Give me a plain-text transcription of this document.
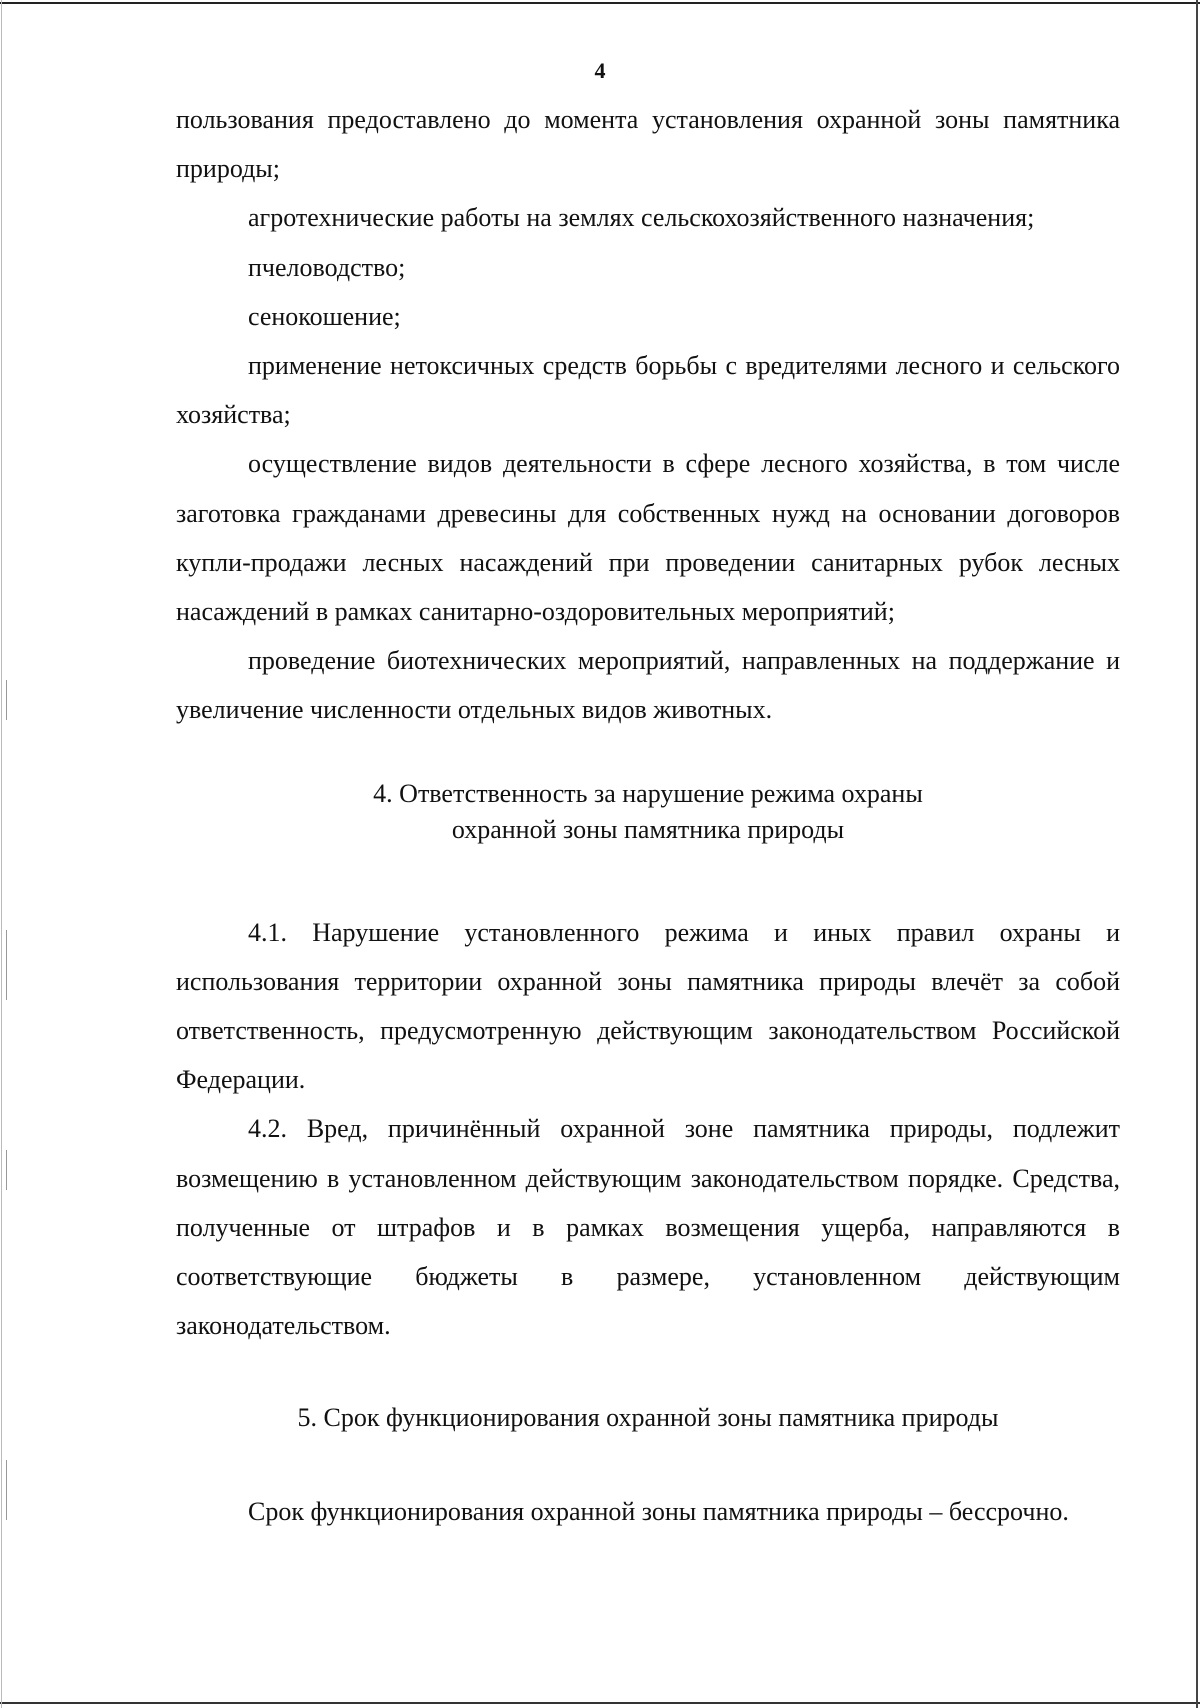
4

пользования предоставлено до момента установления охранной зоны памятника природы;

агротехнические работы на землях сельскохозяйственного назначения;

пчеловодство;

сенокошение;

применение нетоксичных средств борьбы с вредителями лесного и сельского хозяйства;

осуществление видов деятельности в сфере лесного хозяйства, в том числе заготовка гражданами древесины для собственных нужд на основании договоров купли-продажи лесных насаждений при проведении санитарных рубок лесных насаждений в рамках санитарно-оздоровительных мероприятий;

проведение биотехнических мероприятий, направленных на поддержание и увеличение численности отдельных видов животных.

4. Ответственность за нарушение режима охраны
охранной зоны памятника природы

4.1. Нарушение установленного режима и иных правил охраны и использования территории охранной зоны памятника природы влечёт за собой ответственность, предусмотренную действующим законодательством Российской Федерации.

4.2. Вред, причинённый охранной зоне памятника природы, подлежит возмещению в установленном действующим законодательством порядке. Средства, полученные от штрафов и в рамках возмещения ущерба, направляются в соответствующие бюджеты в размере, установленном действующим законодательством.

5. Срок функционирования охранной зоны памятника природы

Срок функционирования охранной зоны памятника природы – бессрочно.
